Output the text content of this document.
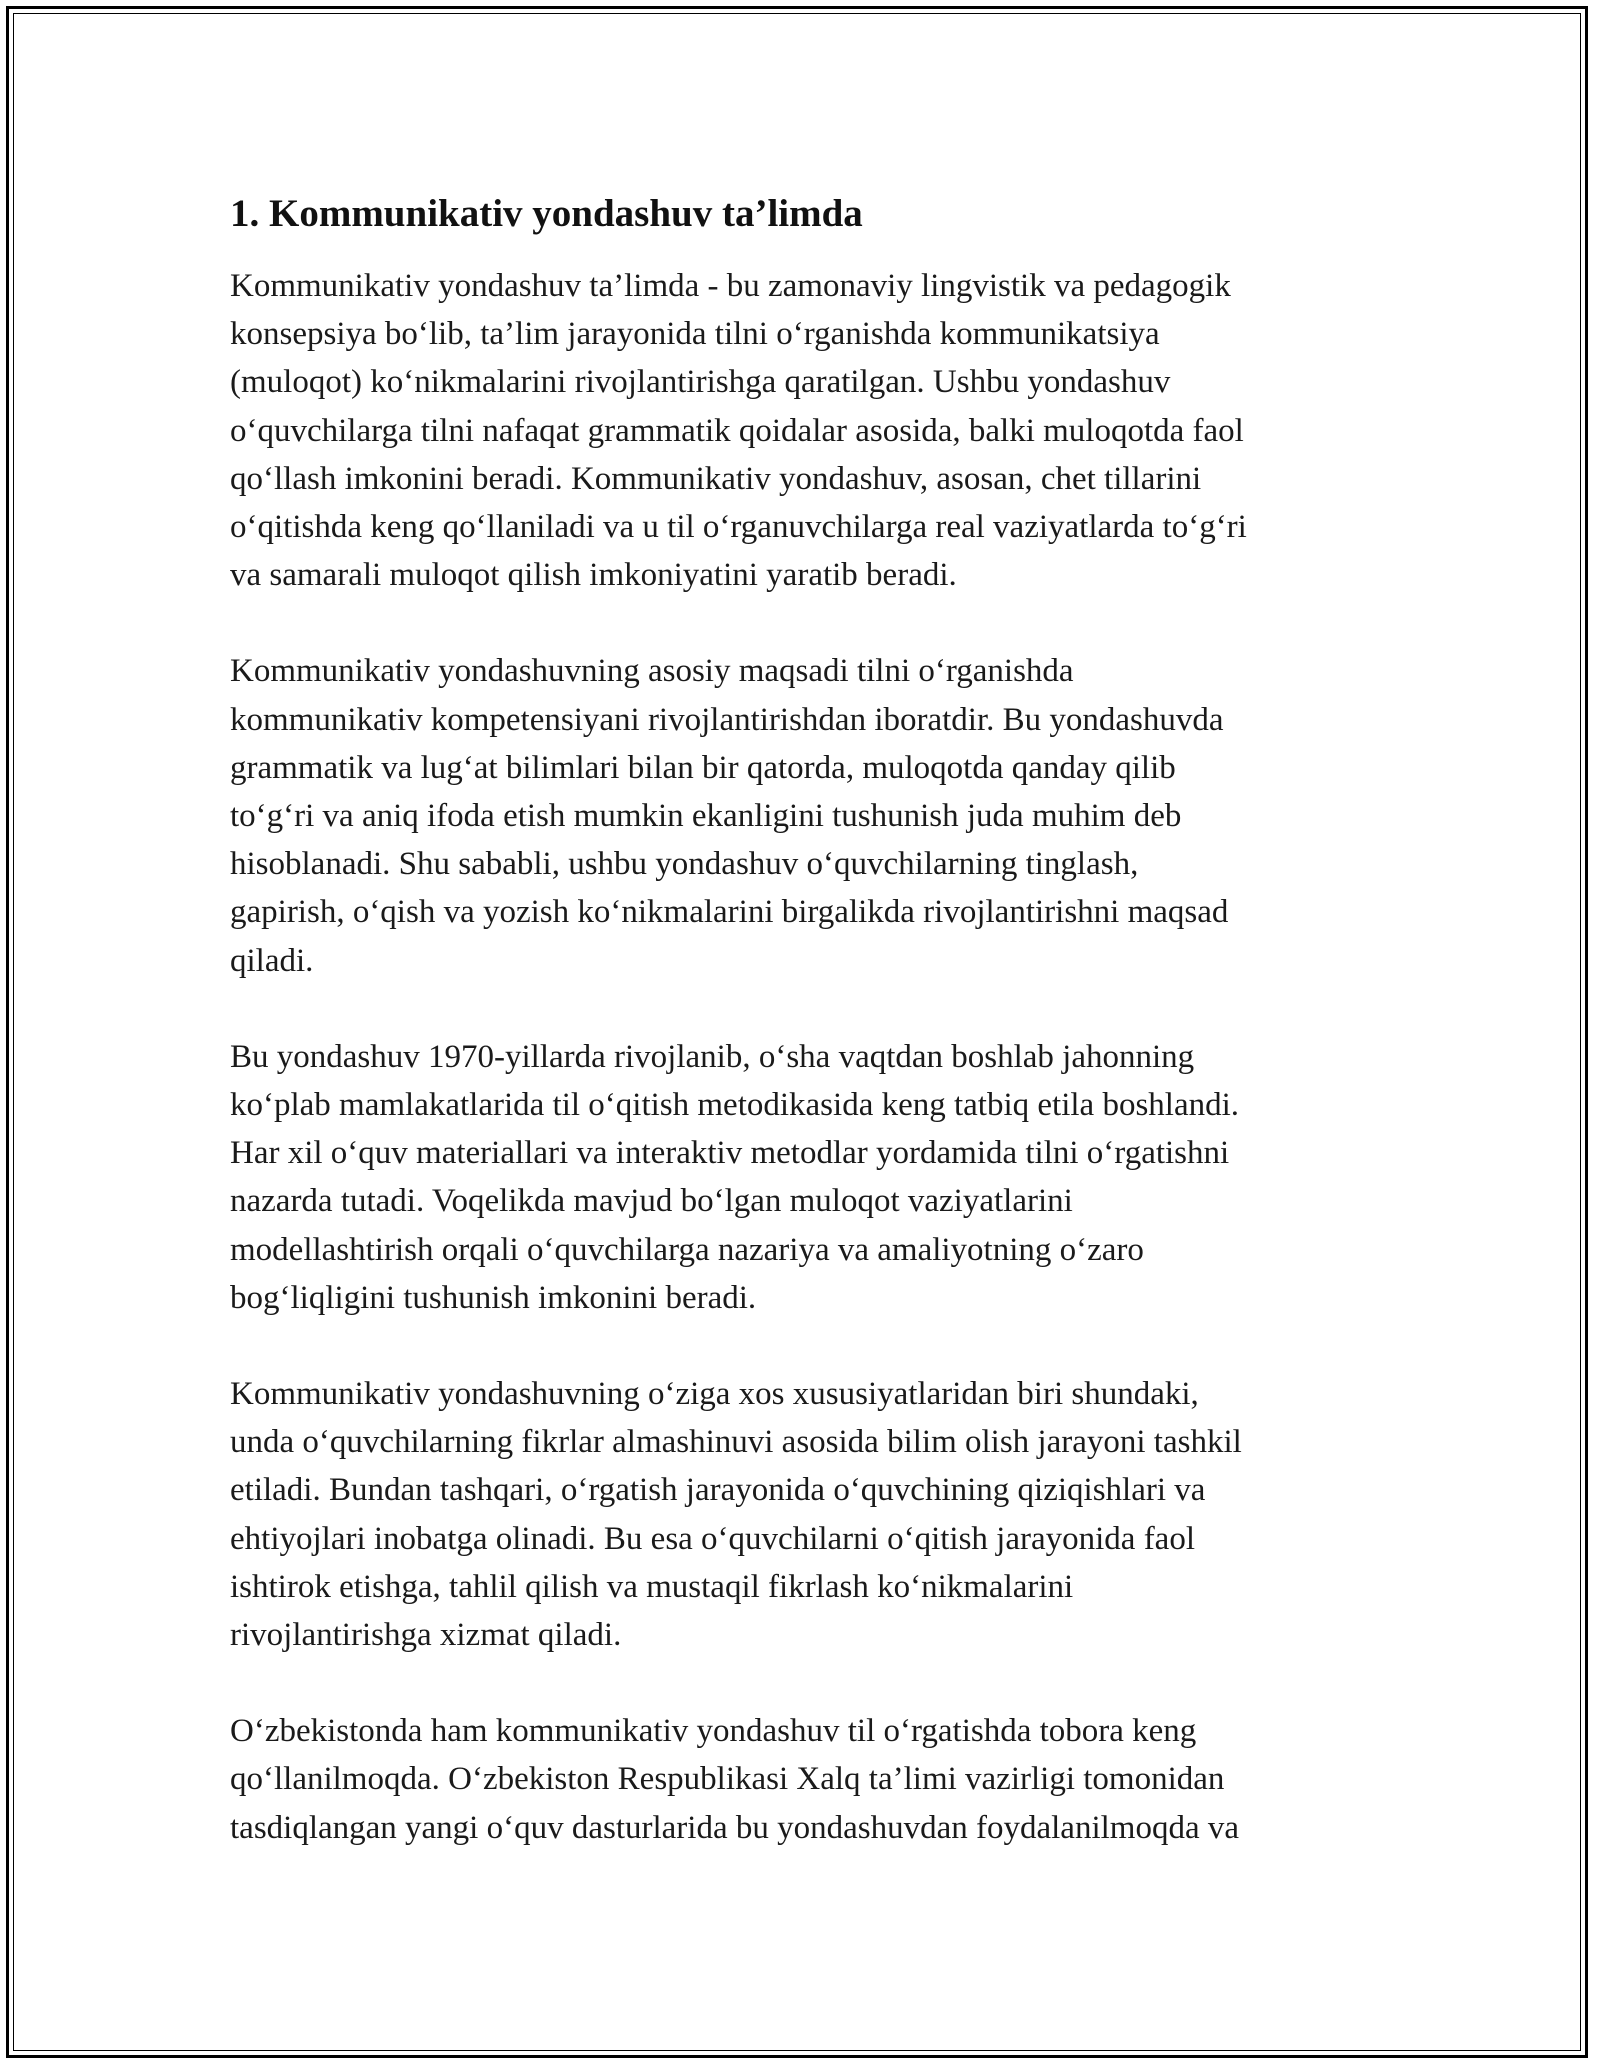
1. Kommunikativ yondashuv ta’limda

Kommunikativ yondashuv ta’limda - bu zamonaviy lingvistik va pedagogik
konsepsiya bo‘lib, ta’lim jarayonida tilni o‘rganishda kommunikatsiya
(muloqot) ko‘nikmalarini rivojlantirishga qaratilgan. Ushbu yondashuv
o‘quvchilarga tilni nafaqat grammatik qoidalar asosida, balki muloqotda faol
qo‘llash imkonini beradi. Kommunikativ yondashuv, asosan, chet tillarini
o‘qitishda keng qo‘llaniladi va u til o‘rganuvchilarga real vaziyatlarda to‘g‘ri
va samarali muloqot qilish imkoniyatini yaratib beradi.

Kommunikativ yondashuvning asosiy maqsadi tilni o‘rganishda
kommunikativ kompetensiyani rivojlantirishdan iboratdir. Bu yondashuvda
grammatik va lug‘at bilimlari bilan bir qatorda, muloqotda qanday qilib
to‘g‘ri va aniq ifoda etish mumkin ekanligini tushunish juda muhim deb
hisoblanadi. Shu sababli, ushbu yondashuv o‘quvchilarning tinglash,
gapirish, o‘qish va yozish ko‘nikmalarini birgalikda rivojlantirishni maqsad
qiladi.

Bu yondashuv 1970-yillarda rivojlanib, o‘sha vaqtdan boshlab jahonning
ko‘plab mamlakatlarida til o‘qitish metodikasida keng tatbiq etila boshlandi.
Har xil o‘quv materiallari va interaktiv metodlar yordamida tilni o‘rgatishni
nazarda tutadi. Voqelikda mavjud bo‘lgan muloqot vaziyatlarini
modellashtirish orqali o‘quvchilarga nazariya va amaliyotning o‘zaro
bog‘liqligini tushunish imkonini beradi.

Kommunikativ yondashuvning o‘ziga xos xususiyatlaridan biri shundaki,
unda o‘quvchilarning fikrlar almashinuvi asosida bilim olish jarayoni tashkil
etiladi. Bundan tashqari, o‘rgatish jarayonida o‘quvchining qiziqishlari va
ehtiyojlari inobatga olinadi. Bu esa o‘quvchilarni o‘qitish jarayonida faol
ishtirok etishga, tahlil qilish va mustaqil fikrlash ko‘nikmalarini
rivojlantirishga xizmat qiladi.

O‘zbekistonda ham kommunikativ yondashuv til o‘rgatishda tobora keng
qo‘llanilmoqda. O‘zbekiston Respublikasi Xalq ta’limi vazirligi tomonidan
tasdiqlangan yangi o‘quv dasturlarida bu yondashuvdan foydalanilmoqda va
